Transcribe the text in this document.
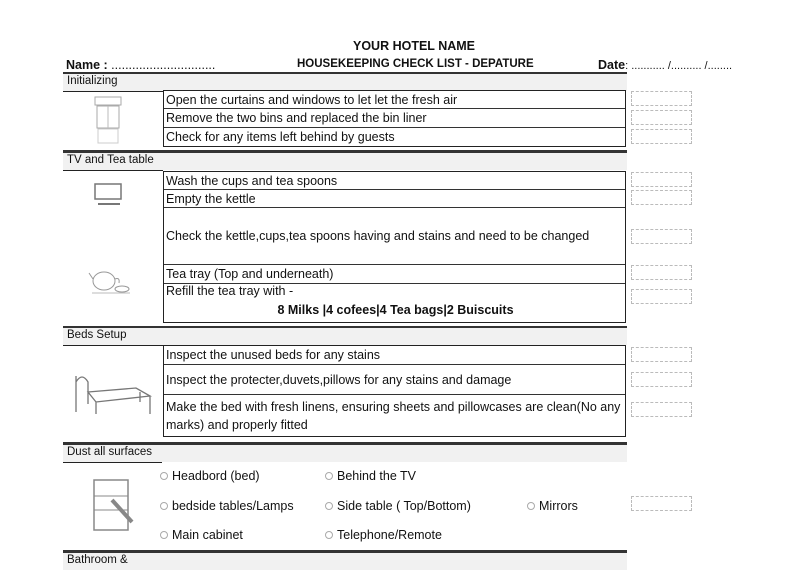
YOUR HOTEL NAME
Name : ..............................	HOUSEKEEPING CHECK LIST - DEPATURE	Date: ........... /.......... /........
Initializing
Open the curtains and windows to let let the fresh air
Remove the two bins and replaced the bin liner
Check for any items left behind by guests
TV and Tea table
Wash the cups and tea spoons
Empty the kettle
Check the kettle,cups,tea spoons having and stains and need to be changed
Tea tray (Top and underneath)
Refill the tea tray with -
8 Milks |4 cofees|4 Tea bags|2 Buiscuits
Beds Setup
Inspect the unused beds for any stains
Inspect the protecter,duvets,pillows for any stains and damage
Make the bed with fresh linens, ensuring sheets and pillowcases are clean(No any marks) and properly fitted
Dust all surfaces
Headbord (bed)	Behind the TV
bedside tables/Lamps	Side table ( Top/Bottom)	Mirrors
Main cabinet	Telephone/Remote
Bathroom &
